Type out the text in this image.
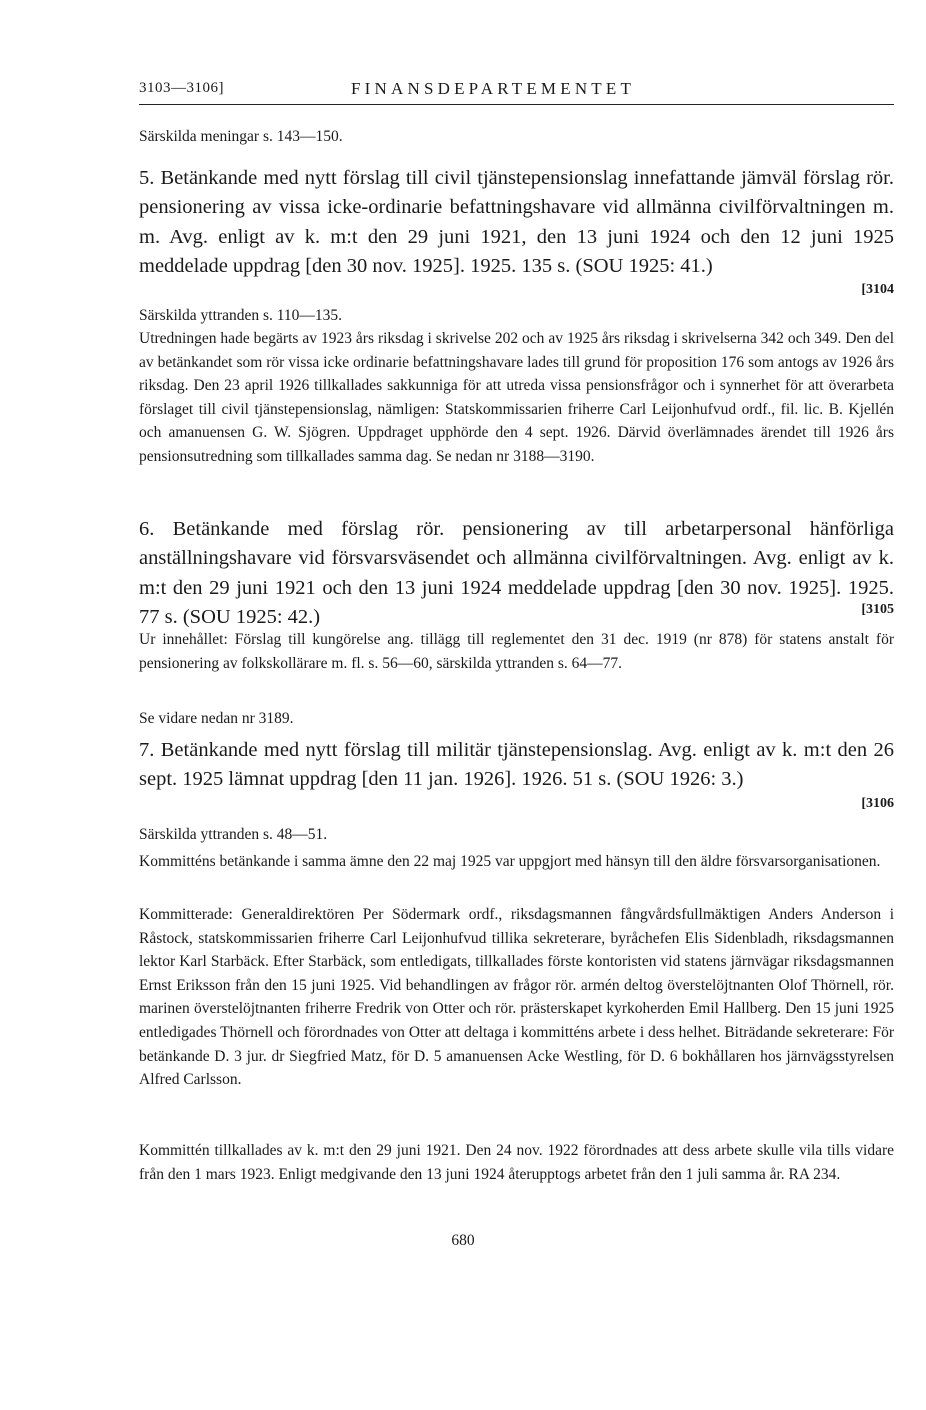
3103—3106]	FINANSDEPARTEMENTET
Särskilda meningar s. 143—150.
5. Betänkande med nytt förslag till civil tjänstepensionslag innefattande jämväl förslag rör. pensionering av vissa icke-ordinarie befattningshavare vid allmänna civilförvaltningen m. m. Avg. enligt av k. m:t den 29 juni 1921, den 13 juni 1924 och den 12 juni 1925 meddelade uppdrag [den 30 nov. 1925]. 1925. 135 s. (SOU 1925: 41.)
[3104
Särskilda yttranden s. 110—135.
Utredningen hade begärts av 1923 års riksdag i skrivelse 202 och av 1925 års riksdag i skrivelserna 342 och 349. Den del av betänkandet som rör vissa icke ordinarie befattningshavare lades till grund för proposition 176 som antogs av 1926 års riksdag. Den 23 april 1926 tillkallades sakkunniga för att utreda vissa pensionsfrågor och i synnerhet för att överarbeta förslaget till civil tjänstepensionslag, nämligen: Statskommissarien friherre Carl Leijonhufvud ordf., fil. lic. B. Kjellén och amanuensen G. W. Sjögren. Uppdraget upphörde den 4 sept. 1926. Därvid överlämnades ärendet till 1926 års pensionsutredning som tillkallades samma dag. Se nedan nr 3188—3190.
6. Betänkande med förslag rör. pensionering av till arbetarpersonal hänförliga anställningshavare vid försvarsväsendet och allmänna civilförvaltningen. Avg. enligt av k. m:t den 29 juni 1921 och den 13 juni 1924 meddelade uppdrag [den 30 nov. 1925]. 1925. 77 s. (SOU 1925: 42.)	[3105
Ur innehållet: Förslag till kungörelse ang. tillägg till reglementet den 31 dec. 1919 (nr 878) för statens anstalt för pensionering av folkskollärare m. fl. s. 56—60, särskilda yttranden s. 64—77.
Se vidare nedan nr 3189.
7. Betänkande med nytt förslag till militär tjänstepensionslag. Avg. enligt av k. m:t den 26 sept. 1925 lämnat uppdrag [den 11 jan. 1926]. 1926. 51 s. (SOU 1926: 3.)
[3106
Särskilda yttranden s. 48—51.
Kommitténs betänkande i samma ämne den 22 maj 1925 var uppgjort med hänsyn till den äldre försvarsorganisationen.
Kommitterade: Generaldirektören Per Södermark ordf., riksdagsmannen fångvårdsfullmäktigen Anders Anderson i Råstock, statskommissarien friherre Carl Leijonhufvud tillika sekreterare, byråchefen Elis Sidenbladh, riksdagsmannen lektor Karl Starbäck. Efter Starbäck, som entledigats, tillkallades förste kontoristen vid statens järnvägar riksdagsmannen Ernst Eriksson från den 15 juni 1925. Vid behandlingen av frågor rör. armén deltog överstelöjtnanten Olof Thörnell, rör. marinen överstelöjtnanten friherre Fredrik von Otter och rör. prästerskapet kyrkoherden Emil Hallberg. Den 15 juni 1925 entledigades Thörnell och förordnades von Otter att deltaga i kommitténs arbete i dess helhet. Biträdande sekreterare: För betänkande D. 3 jur. dr Siegfried Matz, för D. 5 amanuensen Acke Westling, för D. 6 bokhållaren hos järnvägsstyrelsen Alfred Carlsson.
Kommittén tillkallades av k. m:t den 29 juni 1921. Den 24 nov. 1922 förordnades att dess arbete skulle vila tills vidare från den 1 mars 1923. Enligt medgivande den 13 juni 1924 återupptogs arbetet från den 1 juli samma år. RA 234.
680
